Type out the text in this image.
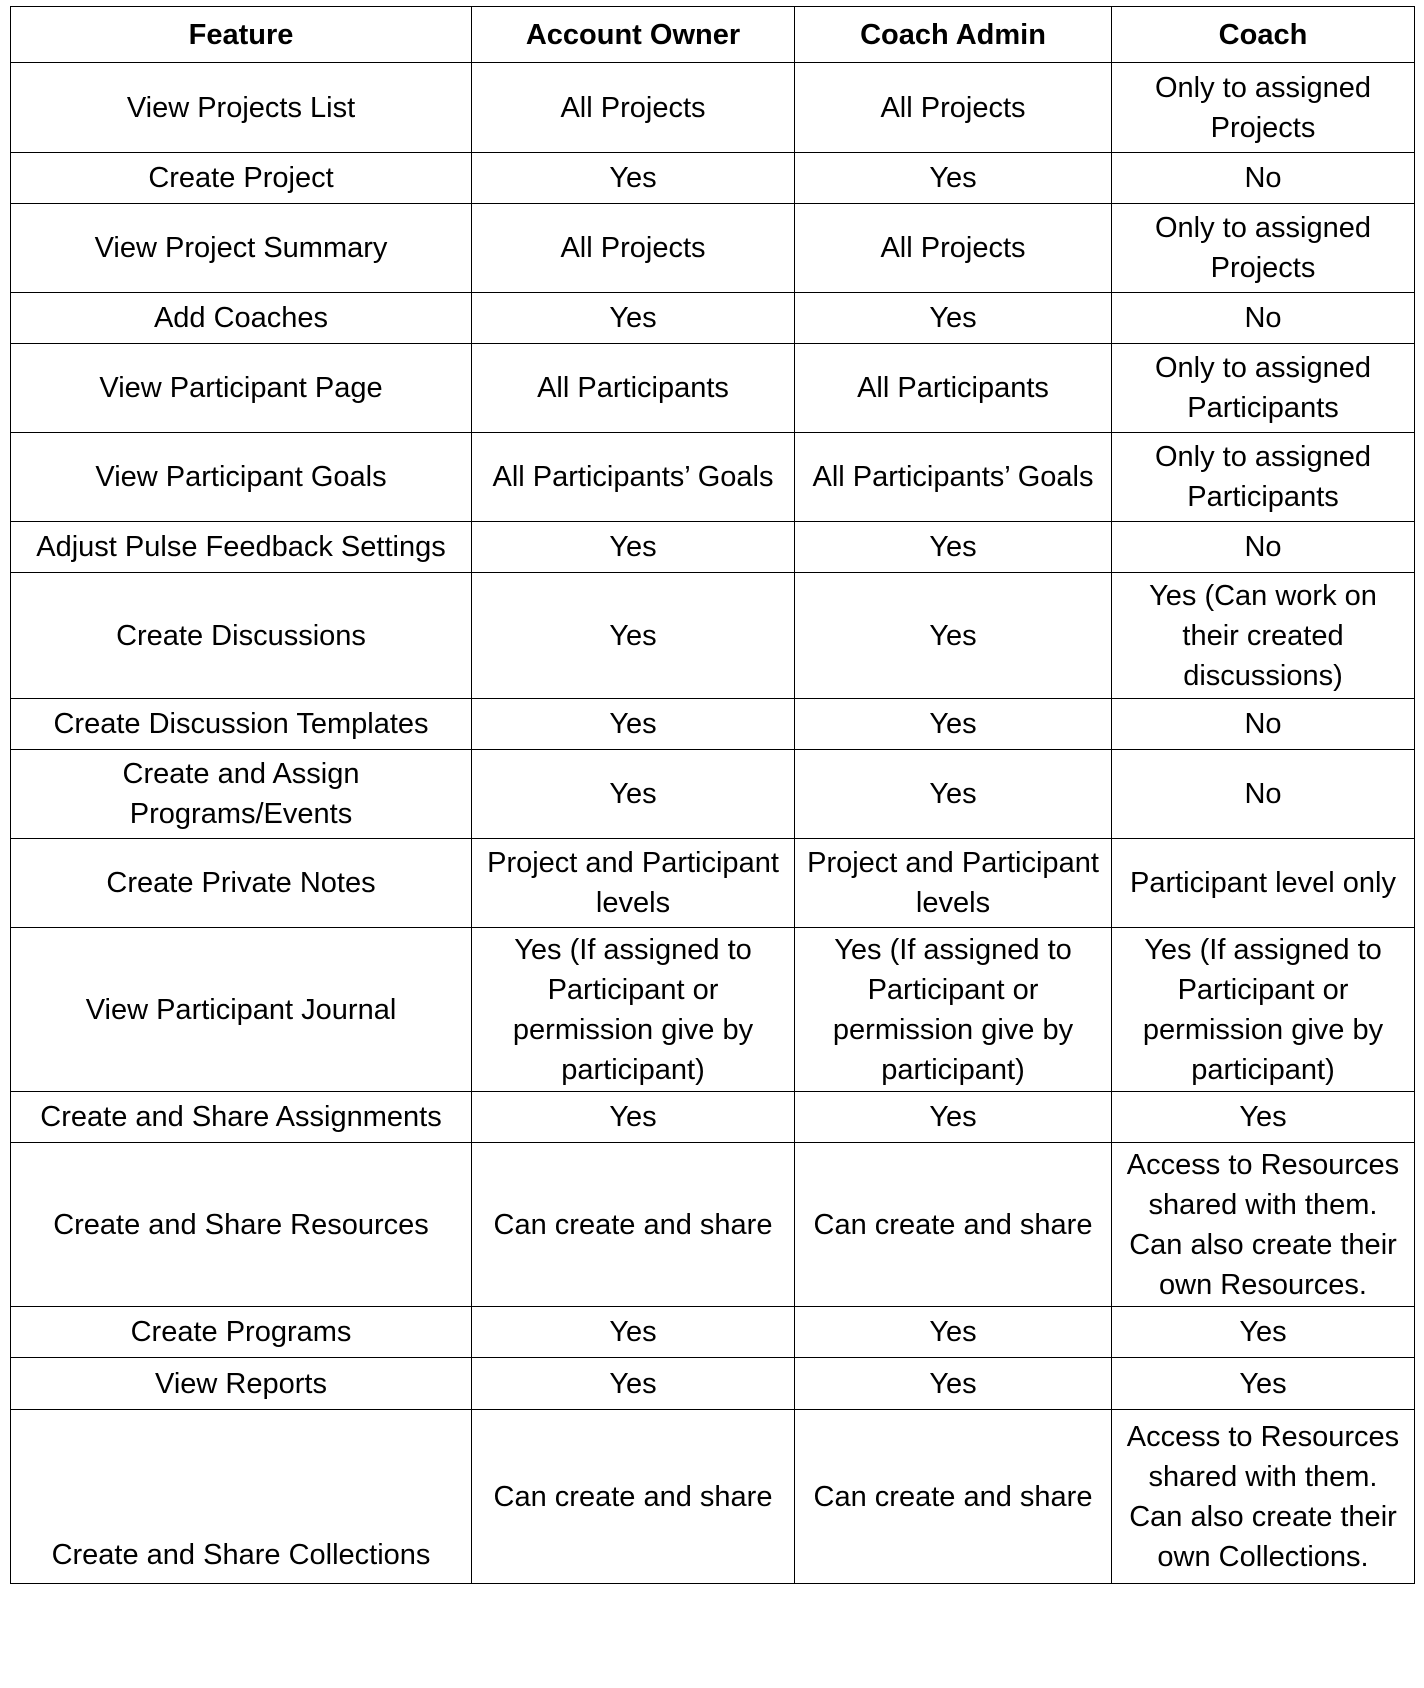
Feature	Account Owner	Coach Admin	Coach
View Projects List	All Projects	All Projects	Only to assigned Projects
Create Project	Yes	Yes	No
View Project Summary	All Projects	All Projects	Only to assigned Projects
Add Coaches	Yes	Yes	No
View Participant Page	All Participants	All Participants	Only to assigned Participants
View Participant Goals	All Participants’ Goals	All Participants’ Goals	Only to assigned Participants
Adjust Pulse Feedback Settings	Yes	Yes	No
Create Discussions	Yes	Yes	Yes (Can work on their created discussions)
Create Discussion Templates	Yes	Yes	No
Create and Assign Programs/Events	Yes	Yes	No
Create Private Notes	Project and Participant levels	Project and Participant levels	Participant level only
View Participant Journal	Yes (If assigned to Participant or permission give by participant)	Yes (If assigned to Participant or permission give by participant)	Yes (If assigned to Participant or permission give by participant)
Create and Share Assignments	Yes	Yes	Yes
Create and Share Resources	Can create and share	Can create and share	Access to Resources shared with them. Can also create their own Resources.
Create Programs	Yes	Yes	Yes
View Reports	Yes	Yes	Yes
Create and Share Collections	Can create and share	Can create and share	Access to Resources shared with them. Can also create their own Collections.
